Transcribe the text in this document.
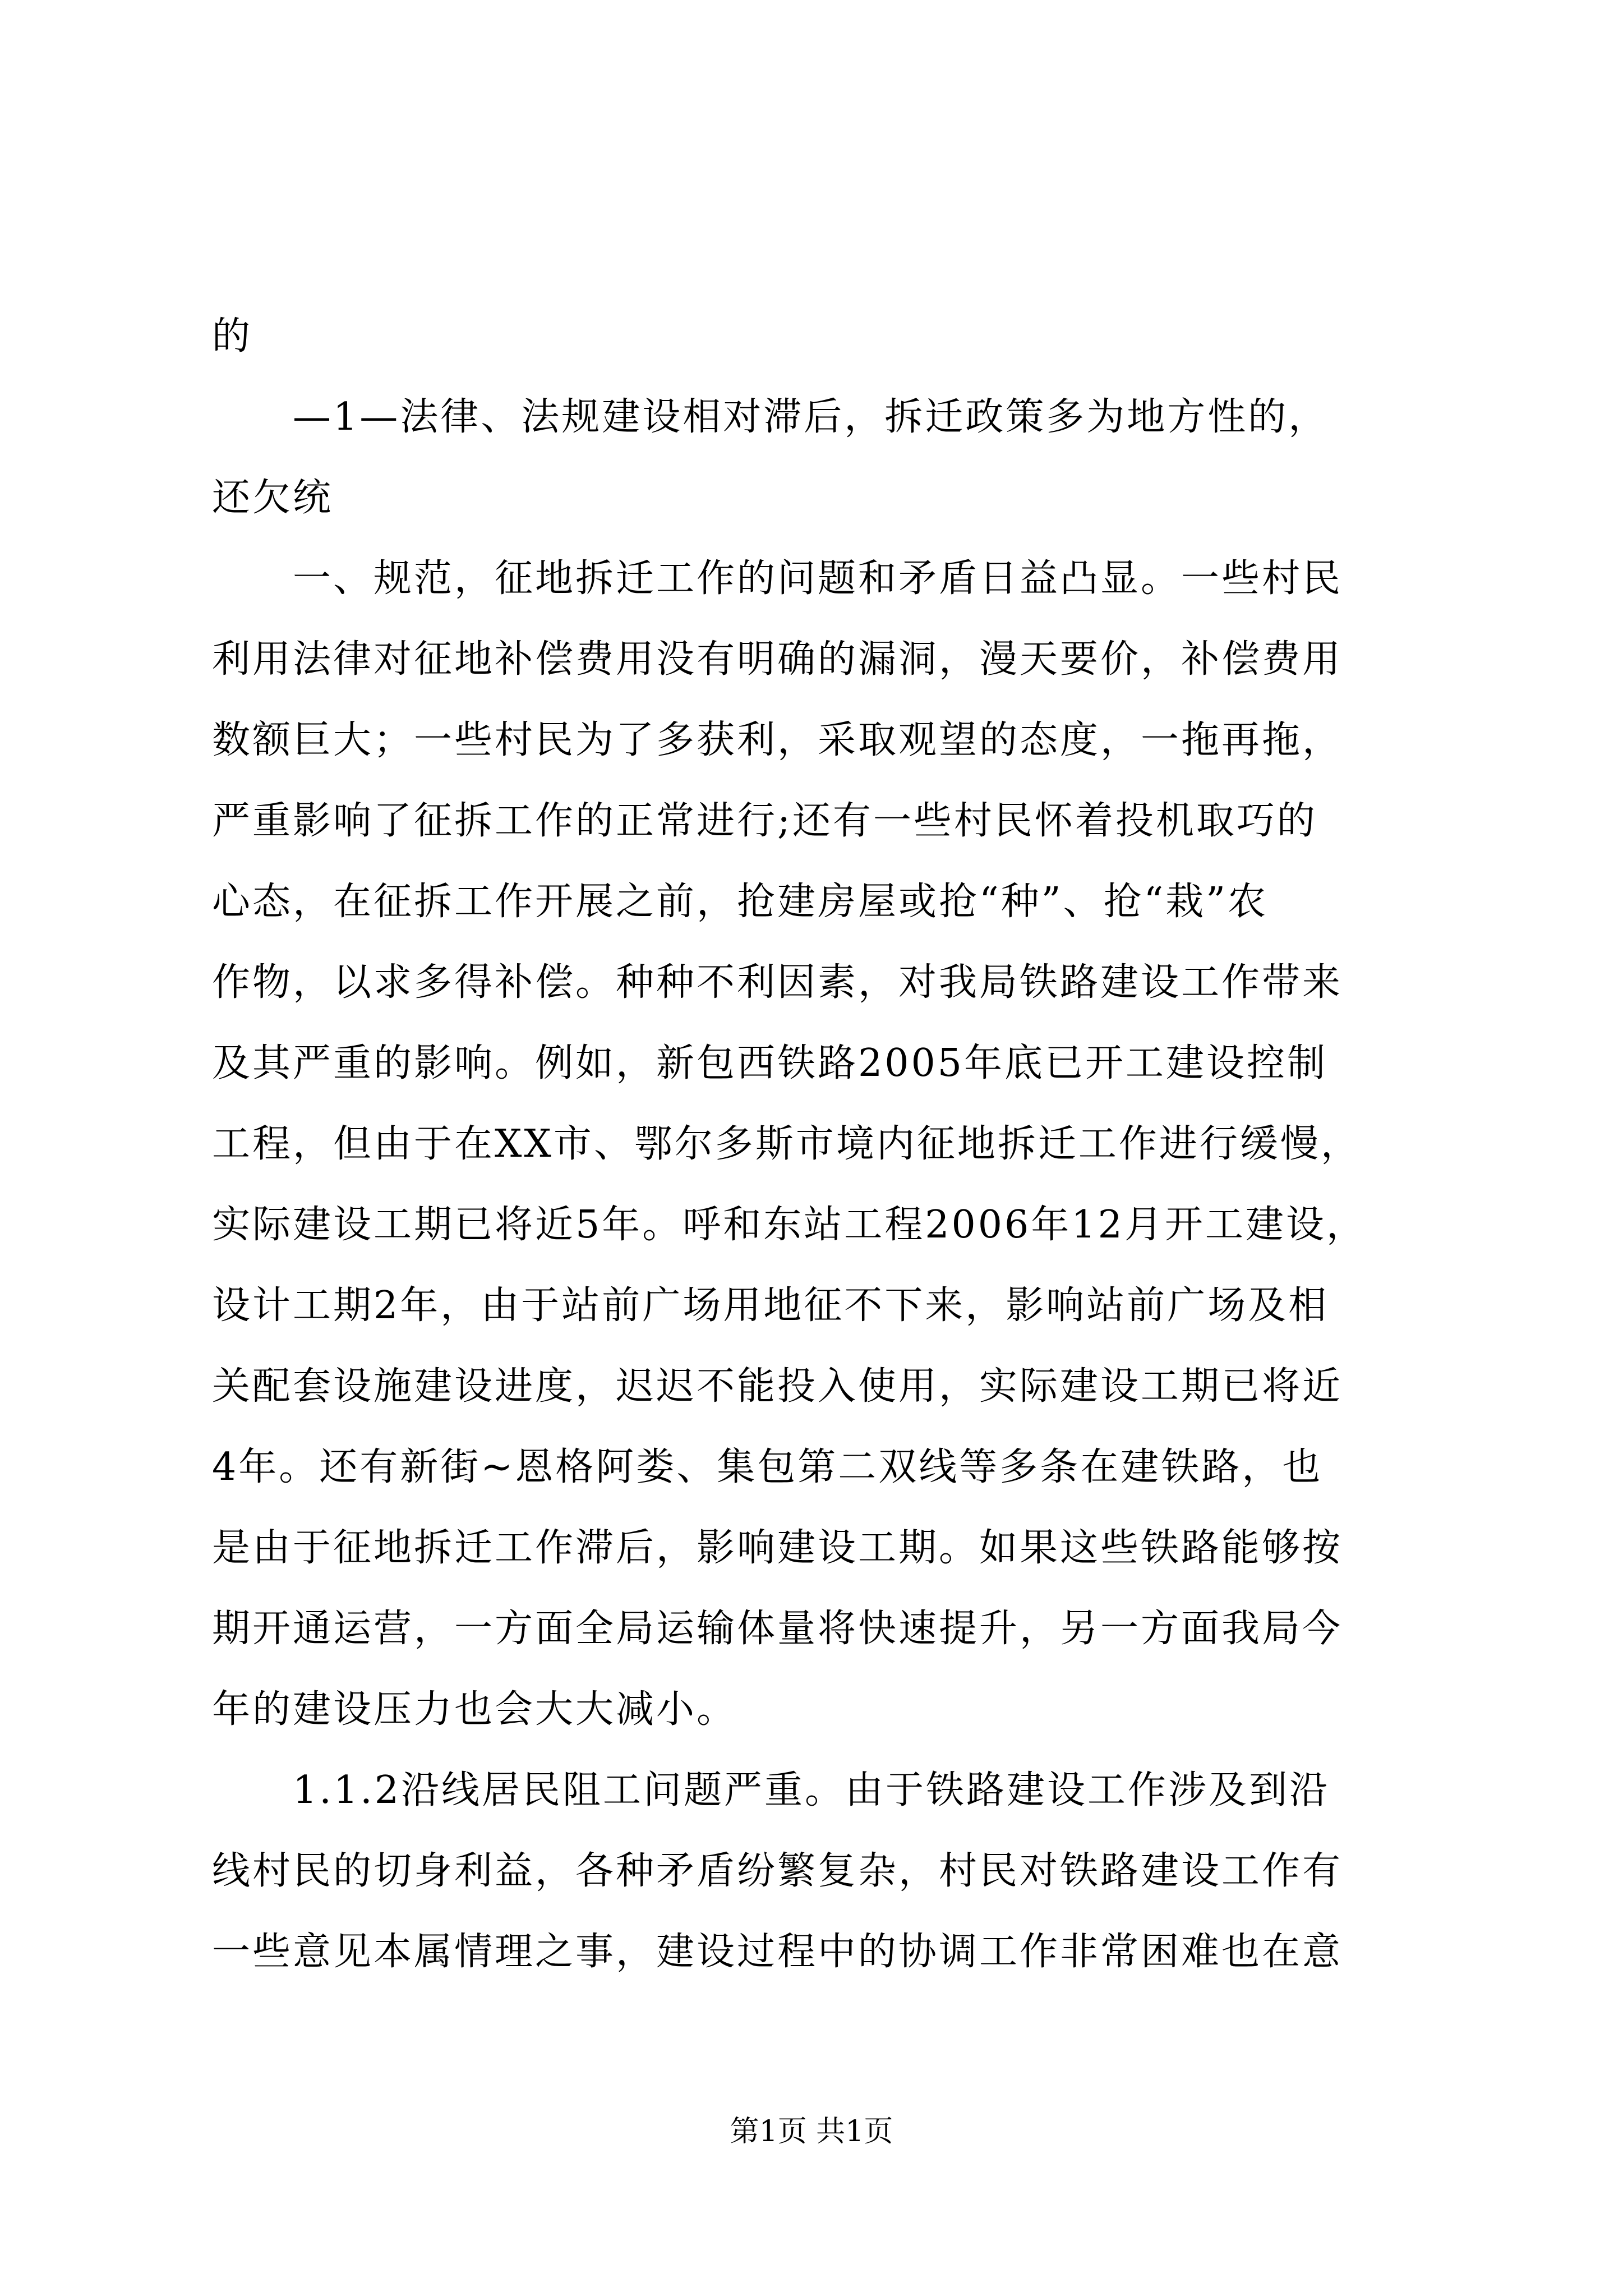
的
　　—1—法律、法规建设相对滞后，拆迁政策多为地方性的，
还欠统
　　一、规范，征地拆迁工作的问题和矛盾日益凸显。一些村民
利用法律对征地补偿费用没有明确的漏洞，漫天要价，补偿费用
数额巨大；一些村民为了多获利，采取观望的态度，一拖再拖，
严重影响了征拆工作的正常进行;还有一些村民怀着投机取巧的
心态，在征拆工作开展之前，抢建房屋或抢“种”、抢“栽”农
作物，以求多得补偿。种种不利因素，对我局铁路建设工作带来
及其严重的影响。例如，新包西铁路2005年底已开工建设控制
工程，但由于在XX市、鄂尔多斯市境内征地拆迁工作进行缓慢，
实际建设工期已将近5年。呼和东站工程2006年12月开工建设，
设计工期2年，由于站前广场用地征不下来，影响站前广场及相
关配套设施建设进度，迟迟不能投入使用，实际建设工期已将近
4年。还有新街~恩格阿娄、集包第二双线等多条在建铁路，也
是由于征地拆迁工作滞后，影响建设工期。如果这些铁路能够按
期开通运营，一方面全局运输体量将快速提升，另一方面我局今
年的建设压力也会大大减小。
　　1.1.2沿线居民阻工问题严重。由于铁路建设工作涉及到沿
线村民的切身利益，各种矛盾纷繁复杂，村民对铁路建设工作有
一些意见本属情理之事，建设过程中的协调工作非常困难也在意
第1页 共1页
